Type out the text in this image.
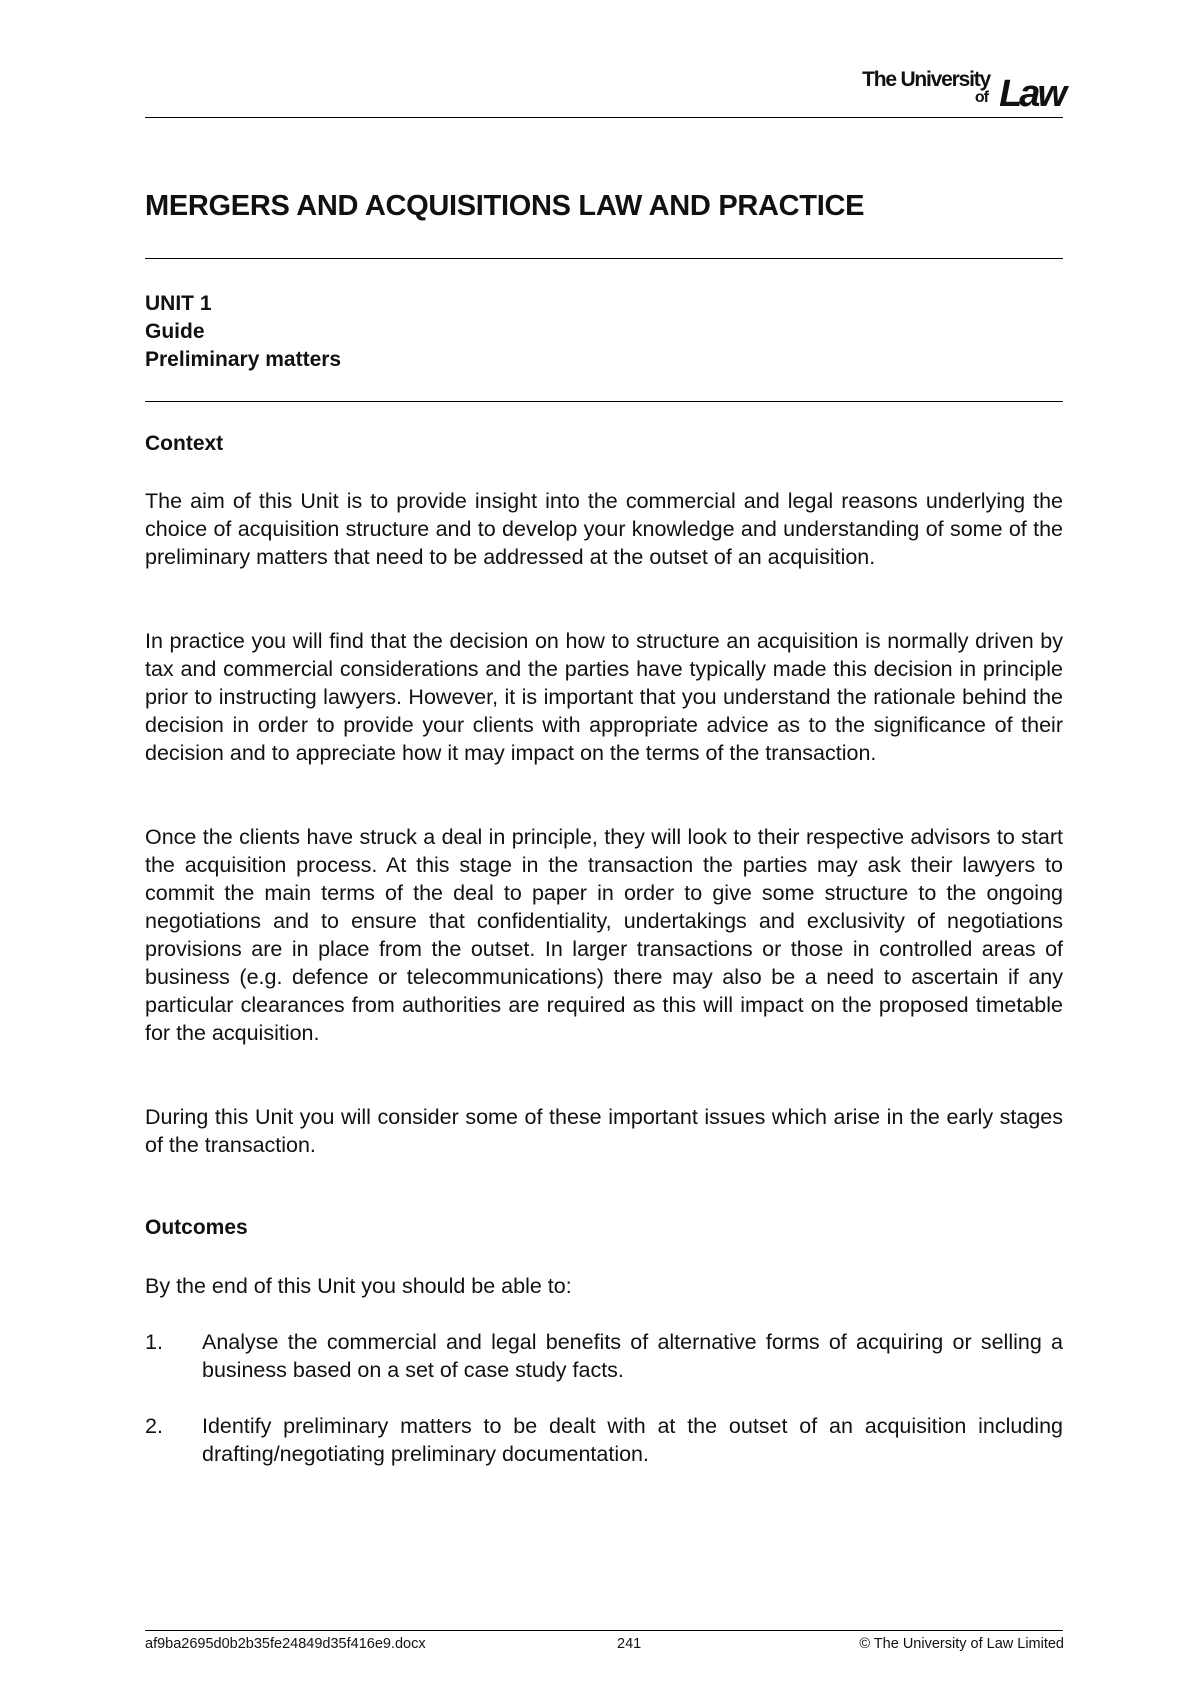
The University
of Law
MERGERS AND ACQUISITIONS LAW AND PRACTICE
UNIT 1
Guide
Preliminary matters
Context

The aim of this Unit is to provide insight into the commercial and legal reasons underlying the choice of acquisition structure and to develop your knowledge and understanding of some of the preliminary matters that need to be addressed at the outset of an acquisition.

In practice you will find that the decision on how to structure an acquisition is normally driven by tax and commercial considerations and the parties have typically made this decision in principle prior to instructing lawyers. However, it is important that you understand the rationale behind the decision in order to provide your clients with appropriate advice as to the significance of their decision and to appreciate how it may impact on the terms of the transaction.

Once the clients have struck a deal in principle, they will look to their respective advisors to start the acquisition process. At this stage in the transaction the parties may ask their lawyers to commit the main terms of the deal to paper in order to give some structure to the ongoing negotiations and to ensure that confidentiality, undertakings and exclusivity of negotiations provisions are in place from the outset. In larger transactions or those in controlled areas of business (e.g. defence or telecommunications) there may also be a need to ascertain if any particular clearances from authorities are required as this will impact on the proposed timetable for the acquisition.

During this Unit you will consider some of these important issues which arise in the early stages of the transaction.

Outcomes

By the end of this Unit you should be able to:

1. Analyse the commercial and legal benefits of alternative forms of acquiring or selling a business based on a set of case study facts.
2. Identify preliminary matters to be dealt with at the outset of an acquisition including drafting/negotiating preliminary documentation.
af9ba2695d0b2b35fe24849d35f416e9.docx	241	© The University of Law Limited
